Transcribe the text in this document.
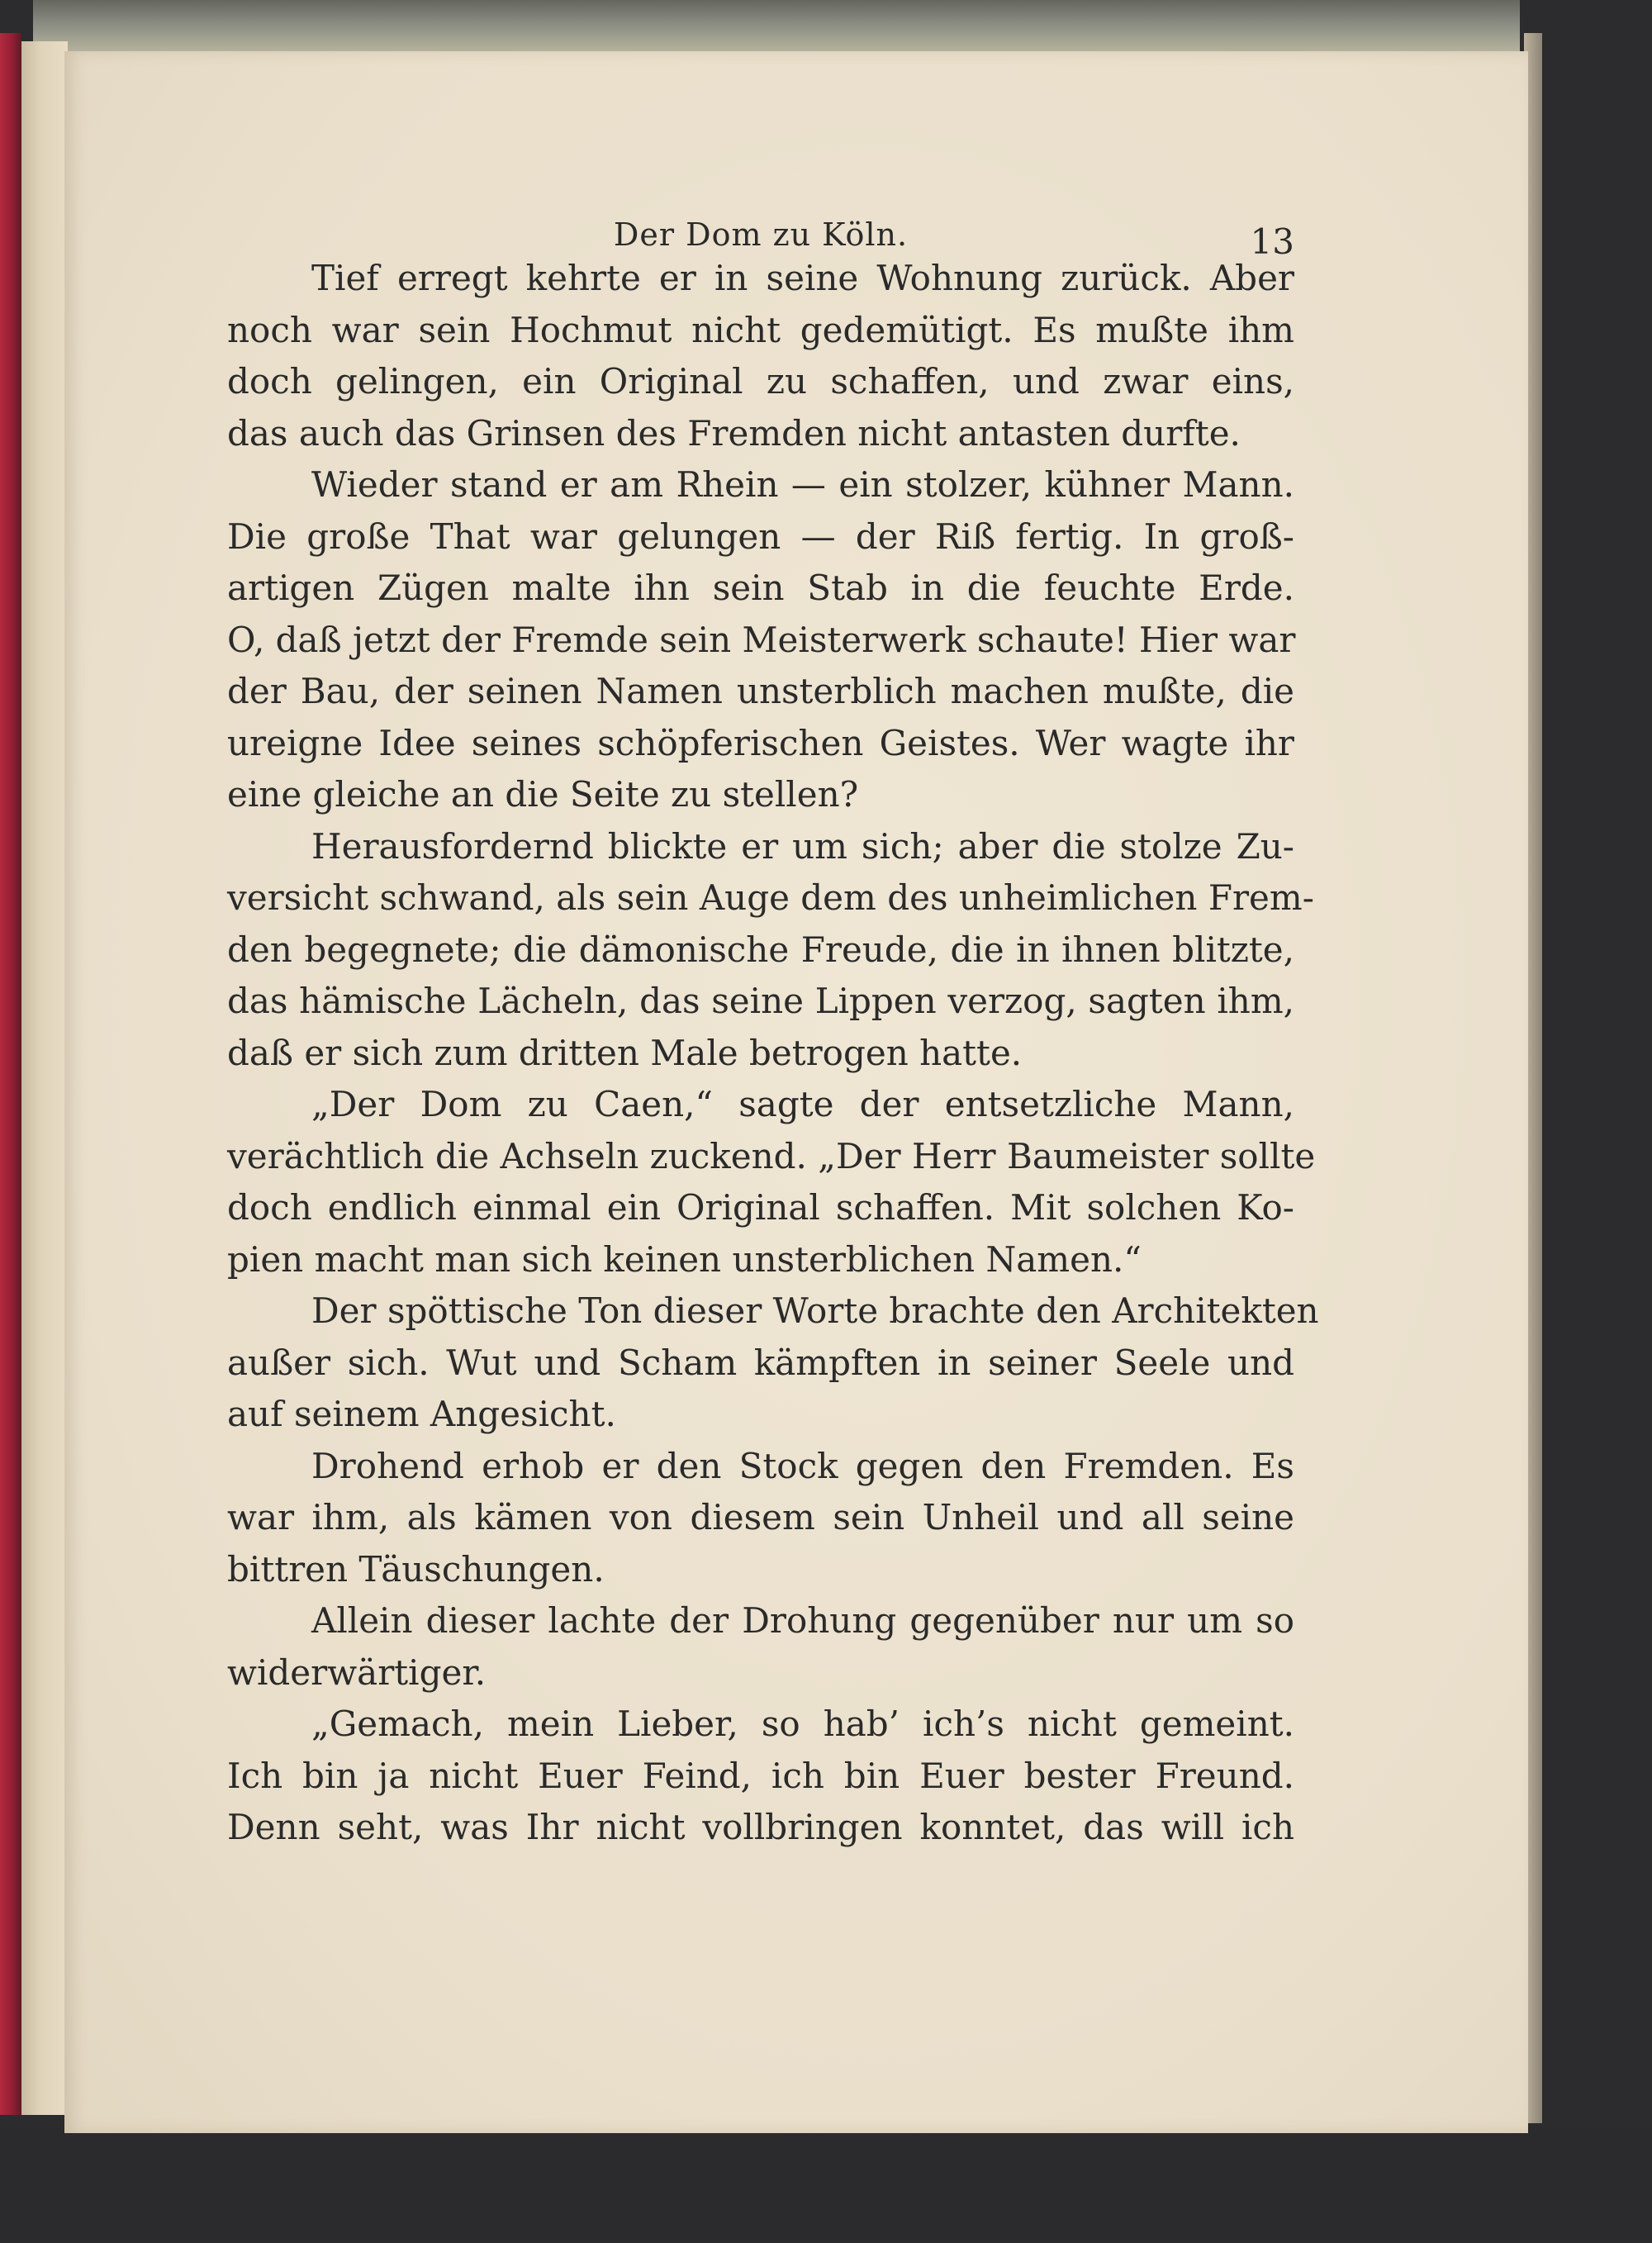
Der Dom zu Köln.	13
Tief erregt kehrte er in seine Wohnung zurück. Aber
noch war sein Hochmut nicht gedemütigt. Es mußte ihm
doch gelingen, ein Original zu schaffen, und zwar eins,
das auch das Grinsen des Fremden nicht antasten durfte.
Wieder stand er am Rhein — ein stolzer, kühner Mann.
Die große That war gelungen — der Riß fertig. In groß-
artigen Zügen malte ihn sein Stab in die feuchte Erde.
O, daß jetzt der Fremde sein Meisterwerk schaute! Hier war
der Bau, der seinen Namen unsterblich machen mußte, die
ureigne Idee seines schöpferischen Geistes. Wer wagte ihr
eine gleiche an die Seite zu stellen?
Herausfordernd blickte er um sich; aber die stolze Zu-
versicht schwand, als sein Auge dem des unheimlichen Frem-
den begegnete; die dämonische Freude, die in ihnen blitzte,
das hämische Lächeln, das seine Lippen verzog, sagten ihm,
daß er sich zum dritten Male betrogen hatte.
„Der Dom zu Caen,“ sagte der entsetzliche Mann,
verächtlich die Achseln zuckend. „Der Herr Baumeister sollte
doch endlich einmal ein Original schaffen. Mit solchen Ko-
pien macht man sich keinen unsterblichen Namen.“
Der spöttische Ton dieser Worte brachte den Architekten
außer sich. Wut und Scham kämpften in seiner Seele und
auf seinem Angesicht.
Drohend erhob er den Stock gegen den Fremden. Es
war ihm, als kämen von diesem sein Unheil und all seine
bittren Täuschungen.
Allein dieser lachte der Drohung gegenüber nur um so
widerwärtiger.
„Gemach, mein Lieber, so hab’ ich’s nicht gemeint.
Ich bin ja nicht Euer Feind, ich bin Euer bester Freund.
Denn seht, was Ihr nicht vollbringen konntet, das will ich
